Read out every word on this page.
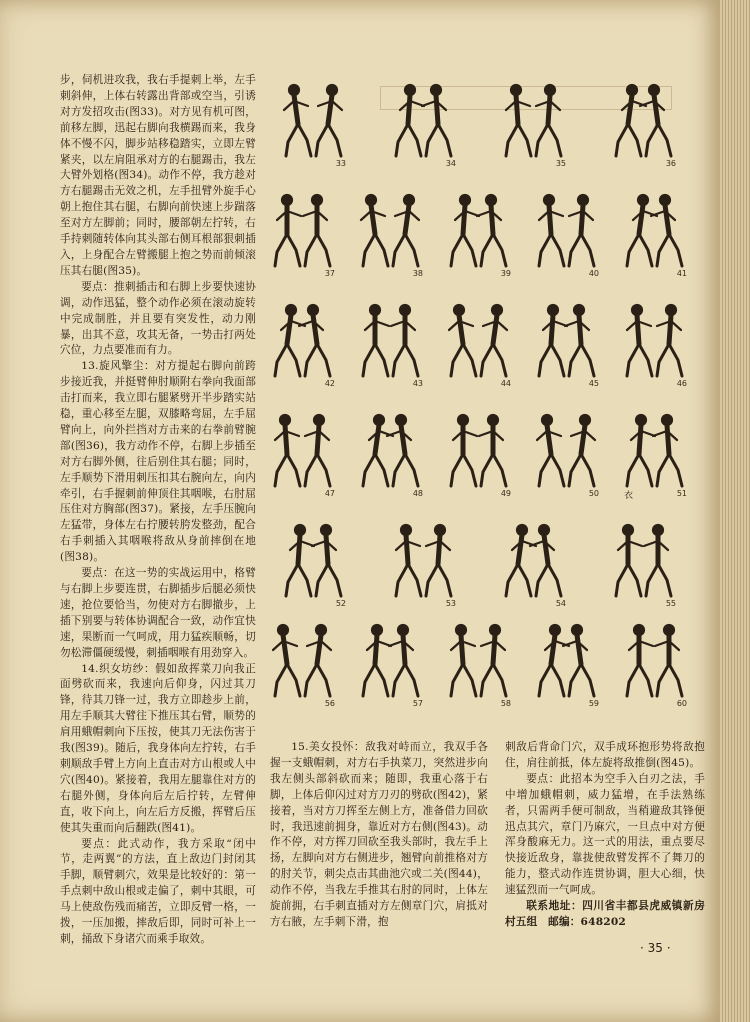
步，伺机进攻我，我右手提刺上举，左手刺斜伸，上体右转露出背部或空当，引诱对方发招攻击(图33)。对方见有机可图，前移左脚，迅起右脚向我横踢而来，我身体不慢不闪，脚步站移稳踏实，立即左臂紧夹，以左肩阻承对方的右腿踢击，我左大臂外划格(图34)。动作不停，我方趁对方右腿踢击无效之机，左手扭臂外旋手心朝上抱住其右腿，右脚向前快速上步踹落至对方左脚前；同时，腰部朝左拧转，右手持刺随转体向其头部右侧耳根部狠刺插入，上身配合左臂搬腿上抱之势而前倾滚压其右腿(图35)。

要点：推刺插击和右脚上步要快速协调，动作迅猛，整个动作必须在滚动旋转中完成制胜，并且要有突发性，动力刚暴，出其不意，攻其无备，一势击打两处穴位，力点要准而有力。

13.旋风擎尘：对方提起右脚向前跨步接近我，并挺臂伸肘顺附右拳向我面部击打而来，我立即右腿紧劈开半步踏实站稳，重心移至左腿，双膝略弯屈，左手屈臂向上，向外拦挡对方击来的右拳前臂腕部(图36)，我方动作不停，右脚上步插至对方右脚外侧，往后别住其右腿；同时，左手顺势下滑用刺压扣其右腕向左，向内牵引，右手握刺前伸顶住其咽喉，右肘屈压住对方胸部(图37)。紧接，左手压腕向左猛带，身体左右拧腰转胯发整劲，配合右手刺插入其咽喉将敌从身前摔倒在地(图38)。

要点：在这一势的实战运用中，格臂与右脚上步要连贯，右脚插步后腿必须快速，抢位要恰当，勿使对方右脚撤步，上插下别要与转体协调配合一致，动作宜快速，果断而一气呵成，用力猛疾顺畅，切勿松滞僵硬缓慢，刺插咽喉有用劲穿入。

14.织女坊纱：假如敌挥菜刀向我正面劈砍而来，我速向后仰身，闪过其刀锋，待其刀锋一过，我方立即趁步上前，用左手顺其大臂往下推压其右臂，顺势的肩用蛾帽刺向下压按，使其刀无法伤害于我(图39)。随后，我身体向左拧转，右手刺顺敌手臂上方向上直击对方山根或人中穴(图40)。紧接着，我用左腿靠住对方的右腿外侧，身体向后左后拧转，左臂伸直，收下向上，向左后方反搬，挥臂后压使其失重而向后翻跌(图41)。

要点：此式动作，我方采取“闭中节，走两翼”的方法，直上敌边门封闭其手脚，顺臂刺穴，效果是比较好的：第一手点刺中敌山根或走偏了，刺中其眼，可马上使敌伤残而痛苦，立即反臂一格，一拨，一压加搬，摔敌后即，同时可补上一刺，捅敌下身诸穴而乘手取效。

33	34	35	36
37	38	39	40	41
42	43	44	45	46
47	48	49	50	51
52	53	54	55
56	57	58	59	60
衣

15.美女投怀：敌我对峙而立，我双手各握一支蛾帽刺，对方右手执菜刀，突然进步向我左侧头部斜砍而来；随即，我重心落于右脚，上体后仰闪过对方刀刃的劈砍(图42)，紧接着，当对方刀挥至左侧上方，准备借力回砍时，我迅速前拥身，靠近对方右侧(图43)。动作不停，对方挥刀回砍至我头部时，我左手上扬，左脚向对方右侧进步，翘臂向前推格对方的肘关节，刺尖点击其曲池穴或二关(图44)，动作不停，当我左手推其右肘的同时，上体左旋前拥，右手刺直插对方左侧章门穴，肩抵对方右腋，左手刺下滑，抱

刺敌后背命门穴，双手成环抱形势将敌抱住，肩往前抵，体左旋将敌推倒(图45)。

要点：此招本为空手入白刃之法，手中增加蛾帽刺，威力猛增，在手法熟练者，只需两手便可制敌，当稍避敌其锋便迅点其穴，章门乃麻穴，一旦点中对方便浑身酸麻无力。这一式的用法，重点要尽快接近敌身，靠拢使敌臂发挥不了舞刀的能力，整式动作连贯协调，胆大心细，快速猛烈而一气呵成。

联系地址：四川省丰都县虎威镇新房村五组　邮编：648202

· 35 ·
